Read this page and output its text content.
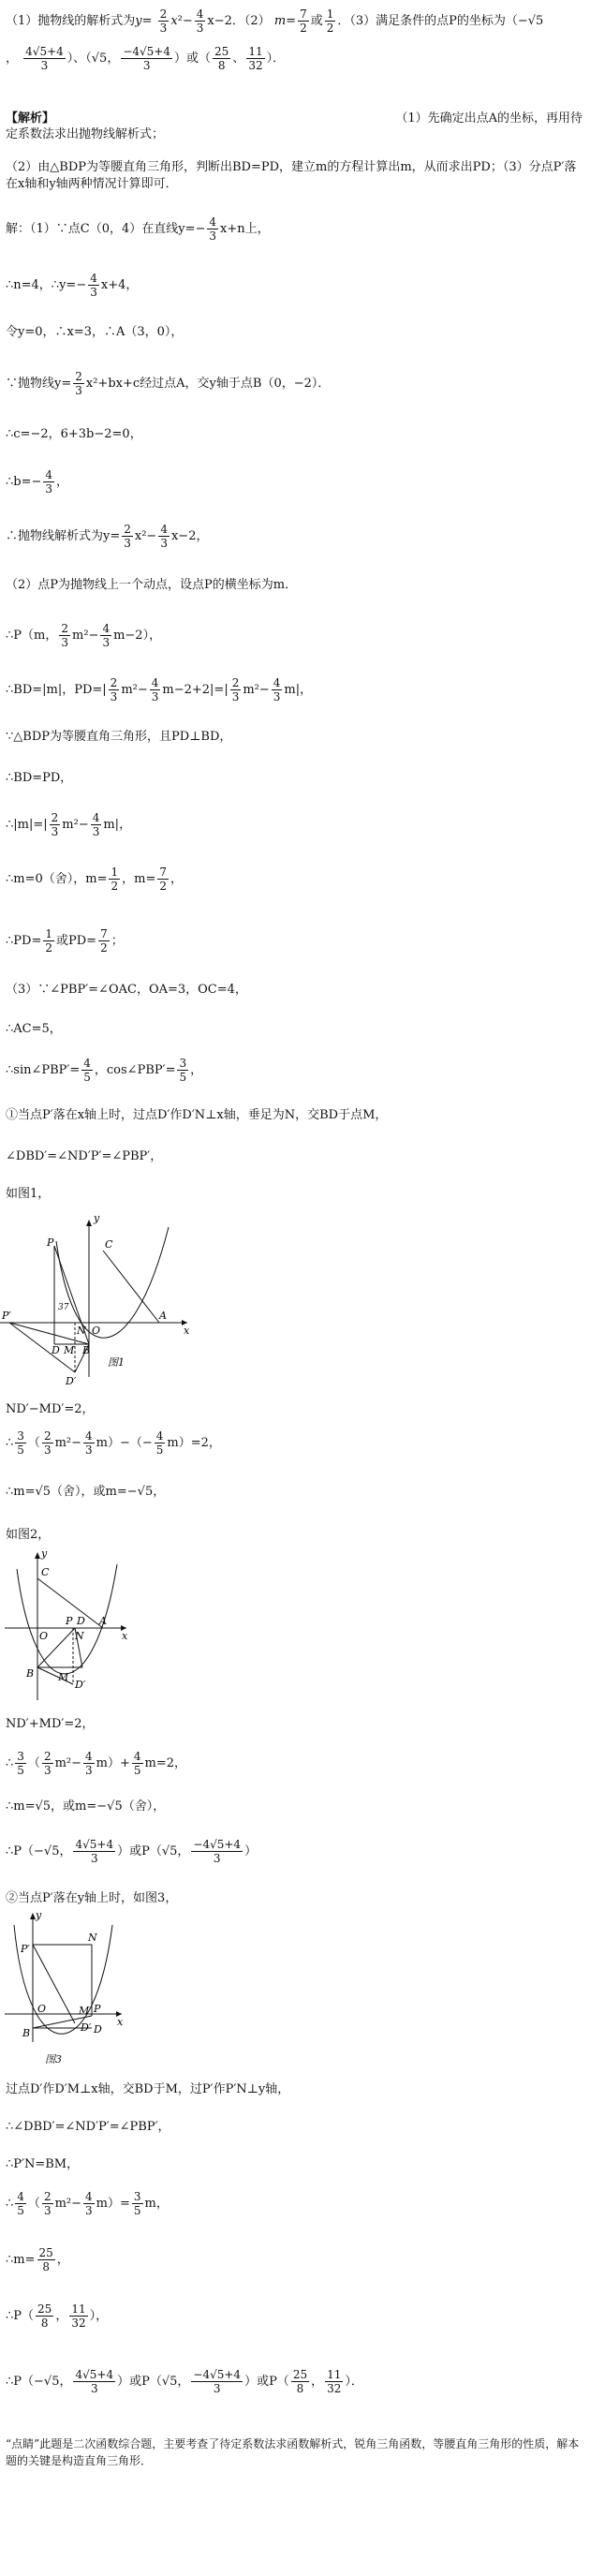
（1）抛物线的解析式为$y= \frac{2}{3} x^2- \frac{4}{3} x-2$．（2） $m= \frac{7}{2}$ 或 $\frac{1}{2}$ ．（3）满足条件的点P的坐标为（−√5
， $\frac{4√5+4}{3}$ ）、（√5， $\frac{-4√5+4}{3}$ ）或（ $\frac{25}{8}$ 、 $\frac{11}{32}$ ）．
【解析】	（1）先确定出点A的坐标，再用待
定系数法求出抛物线解析式；
（2）由△BDP为等腰直角三角形，判断出BD=PD，建立m的方程计算出m，从而求出PD；（3）分点P′落在x轴和y轴两种情况计算即可．
解：（1）∵点C（0，4）在直线$y=- \frac{4}{3} x+n$上，
∴n=4，∴y=− $\frac{4}{3} x+4$，
令y=0，∴x=3，∴A（3，0），
∵抛物线$y= \frac{2}{3} x^2+bx+c$经过点A，交y轴于点B（0，−2）．
∴c=−2，6+3b−2=0，
∴b=− $\frac{4}{3}$ ，
∴抛物线解析式为$y= \frac{2}{3} x^2- \frac{4}{3} x-2$，
（2）点P为抛物线上一个动点，设点P的横坐标为m．
∴P（m， $\frac{2}{3} m^2- \frac{4}{3} m-2$），
∴BD=|m|，$PD=| \frac{2}{3} m^2- \frac{4}{3} m-2+2|=| \frac{2}{3} m^2- \frac{4}{3} m|$，
∵△BDP为等腰直角三角形，且PD⊥BD，
∴BD=PD，
∴|m|=| $\frac{2}{3} m^2- \frac{4}{3} m|$，
∴m=0（舍），$m= \frac{1}{2}$ ，$m= \frac{7}{2}$ ，
∴PD= $\frac{1}{2}$ 或$PD= \frac{7}{2}$ ；
（3）∵∠PBP′=∠OAC，OA=3，OC=4，
∴AC=5，
∴sin∠PBP′= $\frac{4}{5}$ ，cos∠PBP′= $\frac{3}{5}$ ，
①当点P′落在x轴上时，过点D′作D′N⊥x轴，垂足为N，交BD于点M，
∠DBD′=∠ND′P′=∠PBP′，
如图1，
y
P	C
P′
37
D M B
O
A
x
N
D′
图1
ND′−MD′=2，
∴ $\frac{3}{5}$ （ $\frac{2}{3} m^2- \frac{4}{3} m)-(- \frac{4}{5} m)=2$，
∴m=√5（舍），或m=−√5，
如图2，
y
C
P D A
O
M
x
B
N
D′
ND′+MD′=2，
∴ $\frac{3}{5}$ （ $\frac{2}{3} m^2- \frac{4}{3} m)+ \frac{4}{5} m=2$，
∴m=√5，或m=−√5（舍），
∴P（−√5， $\frac{4√5+4}{3}$ ）或P（√5， $\frac{-4√5+4}{3}$ ）
②当点P′落在y轴上时，如图3，
y
P′
N
P
M
D
O
x
B	D′
图3
过点D′作D′M⊥x轴，交BD于M，过P′作P′N⊥y轴，
∴∠DBD′=∠ND′P′=∠PBP′，
∴P′N=BM，
∴ $\frac{4}{5}$ （ $\frac{2}{3} m^2- \frac{4}{3} m)= \frac{3}{5}$ m，
∴m= $\frac{25}{8}$ ，
∴P（ $\frac{25}{8}$ ， $\frac{11}{32}$ ），
∴P（−√5， $\frac{4√5+4}{3}$ ）或P（√5， $\frac{-4√5+4}{3}$ ）或$P( \frac{25}{8}$ ， $\frac{11}{32}$ ）．
“点睛”此题是二次函数综合题，主要考查了待定系数法求函数解析式，锐角三角函数，等腰直角三角形的性质，解本题的关键是构造直角三角形．
